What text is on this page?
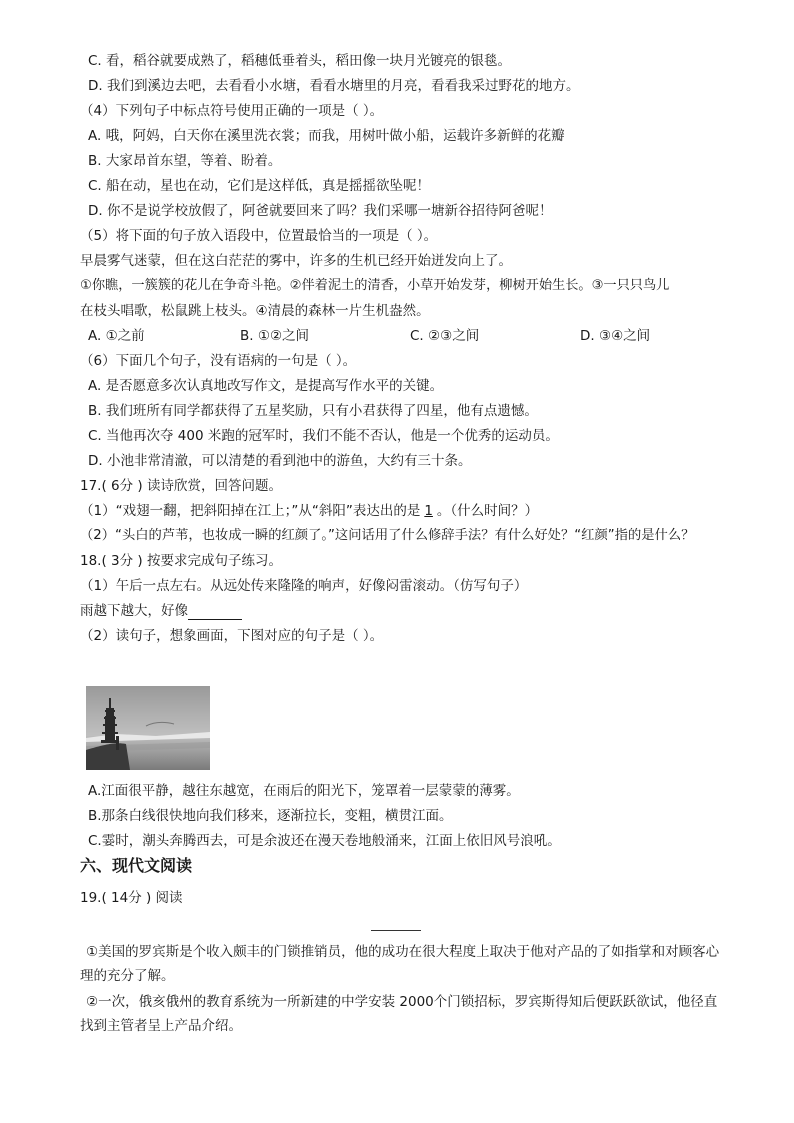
C. 看，稻谷就要成熟了，稻穗低垂着头，稻田像一块月光镀亮的银毯。
D. 我们到溪边去吧，去看看小水塘，看看水塘里的月亮，看看我采过野花的地方。
（4）下列句子中标点符号使用正确的一项是（ ）。
A. 哦，阿妈，白天你在溪里洗衣裳；而我，用树叶做小船，运载许多新鲜的花瓣
B. 大家昂首东望，等着、盼着。
C. 船在动，星也在动，它们是这样低，真是摇摇欲坠呢！
D. 你不是说学校放假了，阿爸就要回来了吗？我们采哪一塘新谷招待阿爸呢！
（5）将下面的句子放入语段中，位置最恰当的一项是（ ）。
早晨雾气迷蒙，但在这白茫茫的雾中，许多的生机已经开始迸发向上了。
①你瞧，一簇簇的花儿在争奇斗艳。②伴着泥土的清香，小草开始发芽，柳树开始生长。③一只只鸟儿
在枝头唱歌，松鼠跳上枝头。④清晨的森林一片生机盎然。
A. ①之前	B. ①②之间	C. ②③之间	D. ③④之间
（6）下面几个句子，没有语病的一句是（ ）。
A. 是否愿意多次认真地改写作文，是提高写作水平的关键。
B. 我们班所有同学都获得了五星奖励，只有小君获得了四星，他有点遗憾。
C. 当他再次夺 400 米跑的冠军时，我们不能不否认，他是一个优秀的运动员。
D. 小池非常清澈，可以清楚的看到池中的游鱼，大约有三十条。
17.( 6分 ) 读诗欣赏，回答问题。
（1）“戏翅一翻，把斜阳掉在江上；”从“斜阳”表达出的是 1 。（什么时间？）
（2）“头白的芦苇，也妆成一瞬的红颜了。”这问话用了什么修辞手法？有什么好处？“红颜”指的是什么？
18.( 3分 ) 按要求完成句子练习。
（1）午后一点左右。从远处传来隆隆的响声，好像闷雷滚动。（仿写句子）
雨越下越大，好像
（2）读句子，想象画面，下图对应的句子是（ ）。
A.江面很平静，越往东越宽，在雨后的阳光下，笼罩着一层蒙蒙的薄雾。
B.那条白线很快地向我们移来，逐渐拉长，变粗，横贯江面。
C.霎时，潮头奔腾西去，可是余波还在漫天卷地般涌来，江面上依旧风号浪吼。
六、现代文阅读
19.( 14分 ) 阅读
①美国的罗宾斯是个收入颇丰的门锁推销员，他的成功在很大程度上取决于他对产品的了如指掌和对顾客心理的充分了解。
②一次，俄亥俄州的教育系统为一所新建的中学安装 2000个门锁招标，罗宾斯得知后便跃跃欲试，他径直找到主管者呈上产品介绍。
